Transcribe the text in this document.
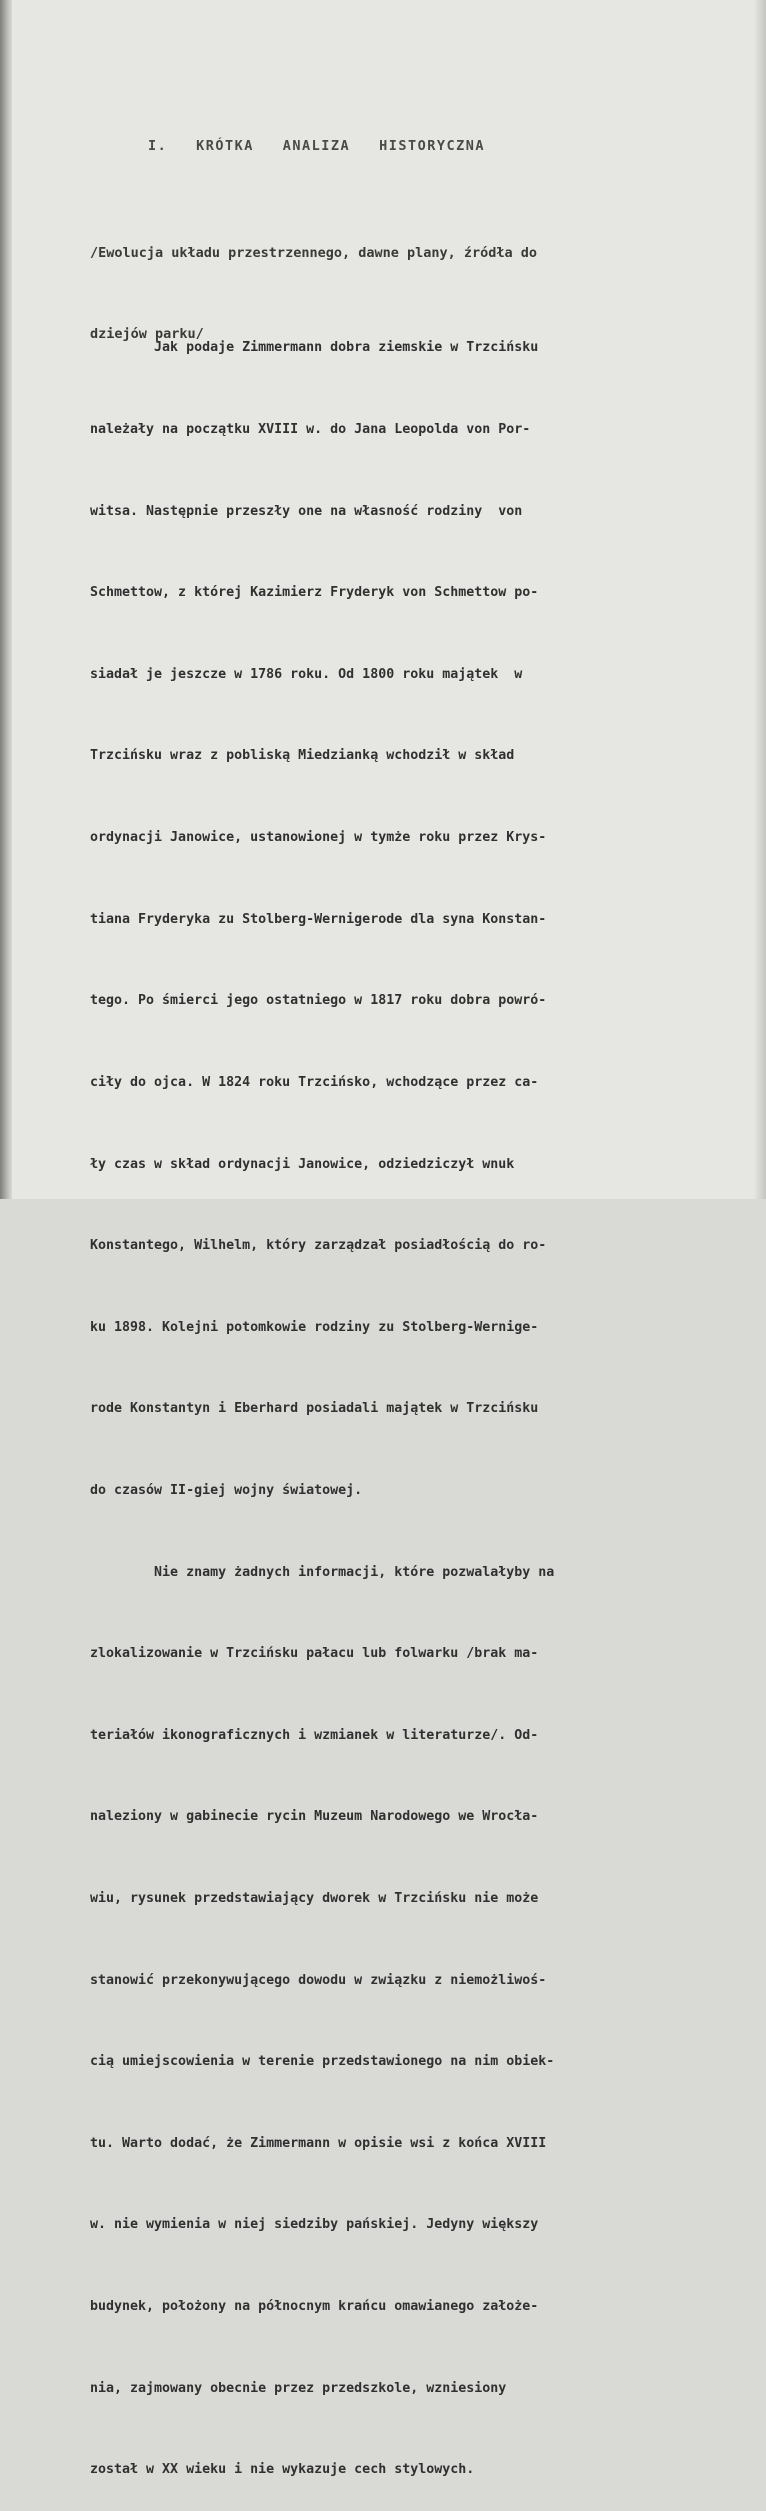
I.   KRÓTKA   ANALIZA   HISTORYCZNA

/Ewolucja układu przestrzennego, dawne plany, źródła do

dziejów parku/

Jak podaje Zimmermann dobra ziemskie w Trzcińsku

należały na początku XVIII w. do Jana Leopolda von Por-

witsa. Następnie przeszły one na własność rodziny  von

Schmettow, z której Kazimierz Fryderyk von Schmettow po-

siadał je jeszcze w 1786 roku. Od 1800 roku majątek  w

Trzcińsku wraz z pobliską Miedzianką wchodził w skład

ordynacji Janowice, ustanowionej w tymże roku przez Krys-

tiana Fryderyka zu Stolberg-Wernigerode dla syna Konstan-

tego. Po śmierci jego ostatniego w 1817 roku dobra powró-

ciły do ojca. W 1824 roku Trzcińsko, wchodzące przez ca-

ły czas w skład ordynacji Janowice, odziedziczył wnuk

Konstantego, Wilhelm, który zarządzał posiadłością do ro-

ku 1898. Kolejni potomkowie rodziny zu Stolberg-Wernige-

rode Konstantyn i Eberhard posiadali majątek w Trzcińsku

do czasów II-giej wojny światowej.

Nie znamy żadnych informacji, które pozwalałyby na

zlokalizowanie w Trzcińsku pałacu lub folwarku /brak ma-

teriałów ikonograficznych i wzmianek w literaturze/. Od-

naleziony w gabinecie rycin Muzeum Narodowego we Wrocła-

wiu, rysunek przedstawiający dworek w Trzcińsku nie może

stanowić przekonywującego dowodu w związku z niemożliwoś-

cią umiejscowienia w terenie przedstawionego na nim obiek-

tu. Warto dodać, że Zimmermann w opisie wsi z końca XVIII

w. nie wymienia w niej siedziby pańskiej. Jedyny większy

budynek, położony na północnym krańcu omawianego założe-

nia, zajmowany obecnie przez przedszkole, wzniesiony

został w XX wieku i nie wykazuje cech stylowych.
